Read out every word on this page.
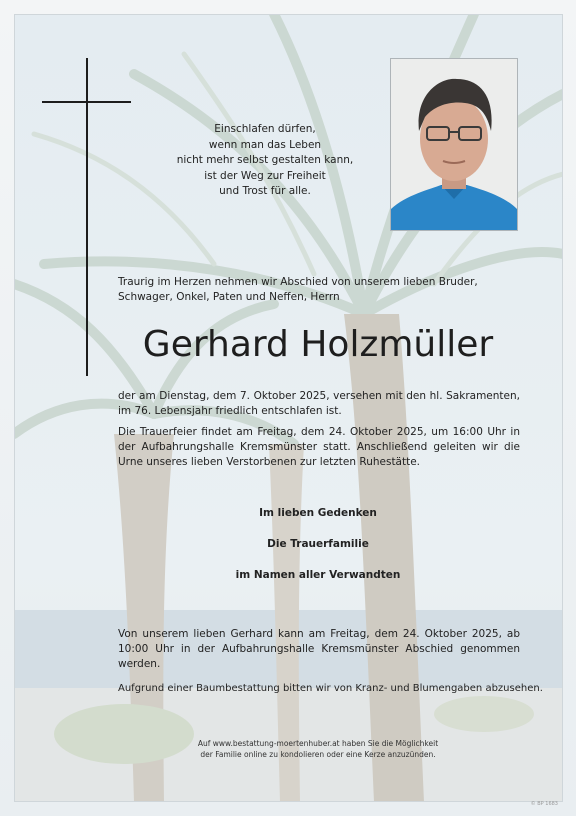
Einschlafen dürfen,
wenn man das Leben
nicht mehr selbst gestalten kann,
ist der Weg zur Freiheit
und Trost für alle.
Traurig im Herzen nehmen wir Abschied von unserem lieben Bruder, Schwager, Onkel, Paten und Neffen, Herrn
Gerhard Holzmüller
der am Dienstag, dem 7. Oktober 2025, versehen mit den hl. Sakramenten, im 76. Lebensjahr friedlich entschlafen ist.
Die Trauerfeier findet am Freitag, dem 24. Oktober 2025, um 16:00 Uhr in der Aufbahrungshalle Kremsmünster statt. Anschließend geleiten wir die Urne unseres lieben Verstorbenen zur letzten Ruhestätte.
Im lieben Gedenken
Die Trauerfamilie
im Namen aller Verwandten
Von unserem lieben Gerhard kann am Freitag, dem 24. Oktober 2025, ab 10:00 Uhr in der Aufbahrungshalle Kremsmünster Abschied genommen werden.
Aufgrund einer Baumbestattung bitten wir von Kranz- und Blumengaben abzusehen.
Auf www.bestattung-moertenhuber.at haben Sie die Möglichkeit
der Familie online zu kondolieren oder eine Kerze anzuzünden.
© BP 1683
